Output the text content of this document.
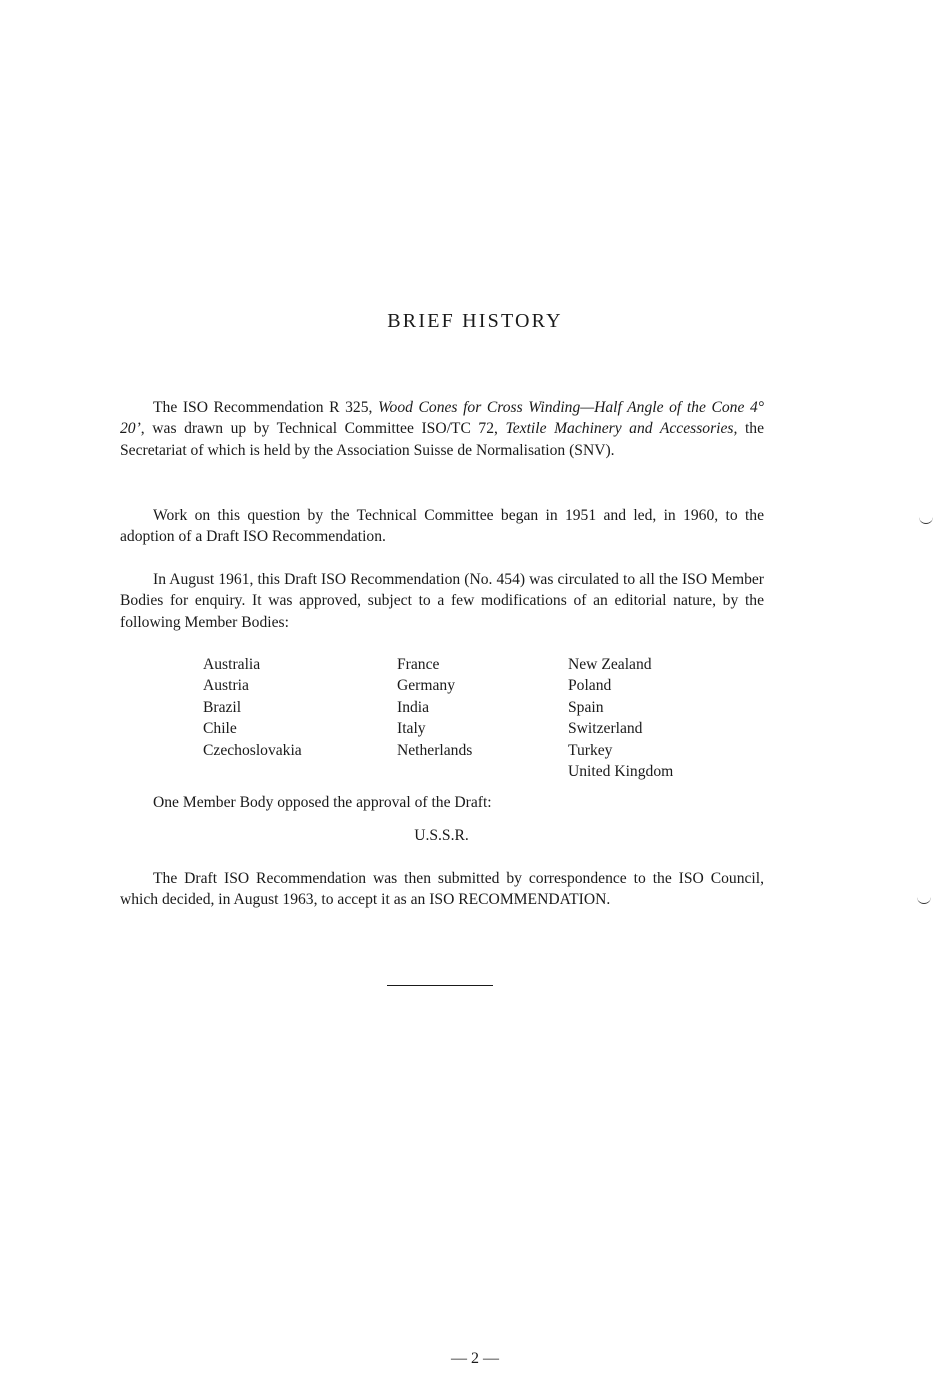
BRIEF HISTORY

The ISO Recommendation R 325, Wood Cones for Cross Winding—Half Angle of the Cone 4° 20’, was drawn up by Technical Committee ISO/TC 72, Textile Machinery and Accessories, the Secretariat of which is held by the Association Suisse de Normalisation (SNV).

Work on this question by the Technical Committee began in 1951 and led, in 1960, to the adoption of a Draft ISO Recommendation.

In August 1961, this Draft ISO Recommendation (No. 454) was circulated to all the ISO Member Bodies for enquiry. It was approved, subject to a few modifications of an editorial nature, by the following Member Bodies:

Australia
Austria
Brazil
Chile
Czechoslovakia
France
Germany
India
Italy
Netherlands
New Zealand
Poland
Spain
Switzerland
Turkey
United Kingdom
One Member Body opposed the approval of the Draft:
U.S.S.R.

The Draft ISO Recommendation was then submitted by correspondence to the ISO Council, which decided, in August 1963, to accept it as an ISO RECOMMENDATION.

— 2 —
